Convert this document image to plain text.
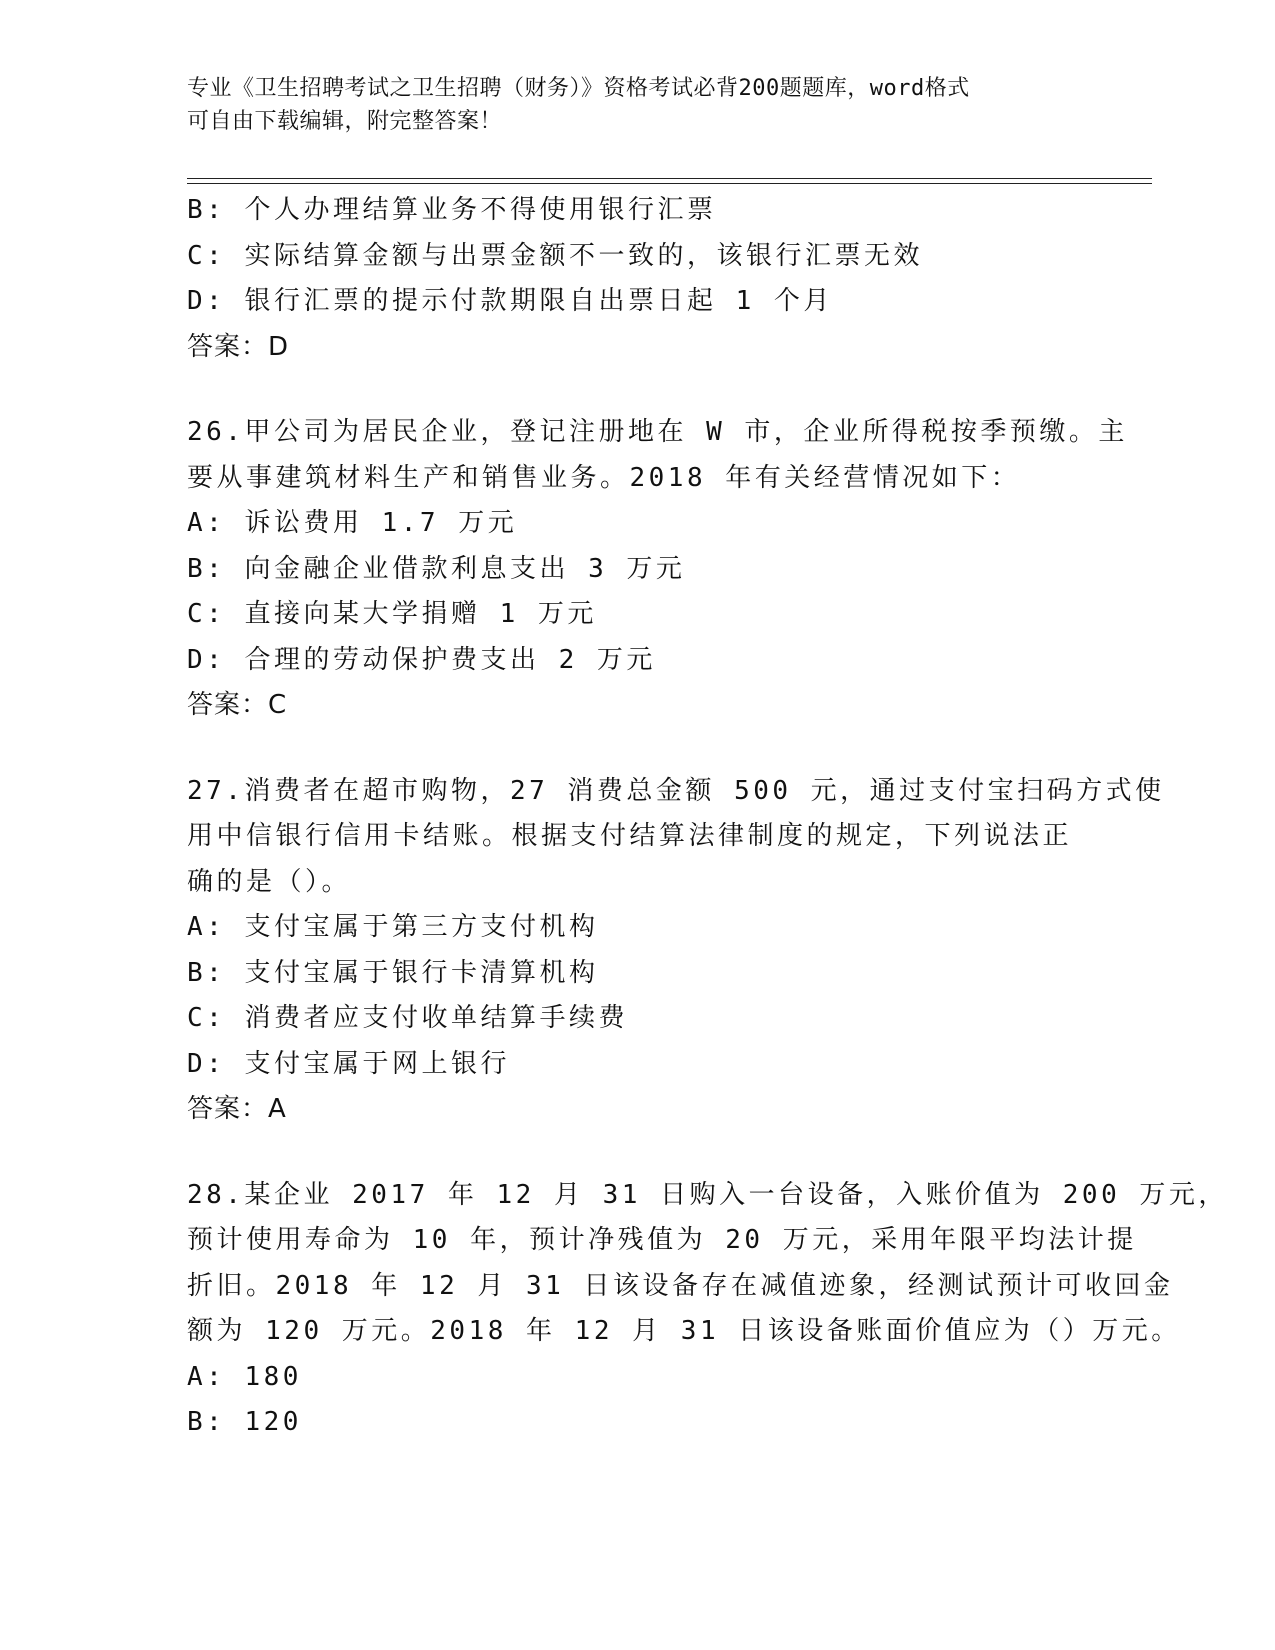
专业《卫生招聘考试之卫生招聘（财务）》资格考试必背200题题库，word格式

可自由下载编辑，附完整答案！

B: 个人办理结算业务不得使用银行汇票

C: 实际结算金额与出票金额不一致的，该银行汇票无效

D: 银行汇票的提示付款期限自出票日起 1 个月

答案：D

26.甲公司为居民企业，登记注册地在 W 市，企业所得税按季预缴。主

要从事建筑材料生产和销售业务。2018 年有关经营情况如下：

A: 诉讼费用 1.7 万元

B: 向金融企业借款利息支出 3 万元

C: 直接向某大学捐赠 1 万元

D: 合理的劳动保护费支出 2 万元

答案：C

27.消费者在超市购物，27 消费总金额 500 元，通过支付宝扫码方式使

用中信银行信用卡结账。根据支付结算法律制度的规定，下列说法正

确的是（）。

A: 支付宝属于第三方支付机构

B: 支付宝属于银行卡清算机构

C: 消费者应支付收单结算手续费

D: 支付宝属于网上银行

答案：A

28.某企业 2017 年 12 月 31 日购入一台设备，入账价值为 200 万元，

预计使用寿命为 10 年，预计净残值为 20 万元，采用年限平均法计提

折旧。2018 年 12 月 31 日该设备存在减值迹象，经测试预计可收回金

额为 120 万元。2018 年 12 月 31 日该设备账面价值应为（）万元。

A: 180

B: 120
